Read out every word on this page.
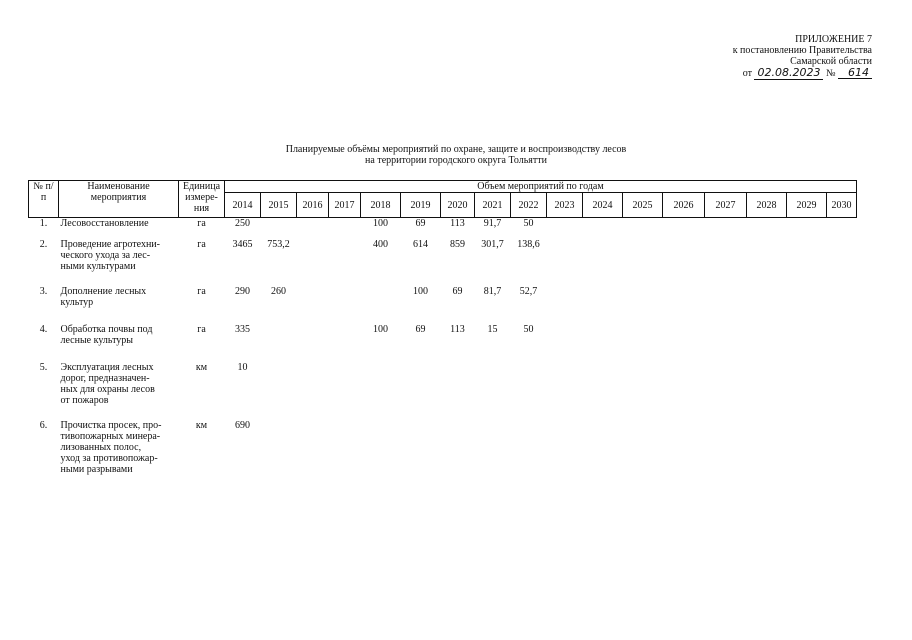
ПРИЛОЖЕНИЕ 7
к постановлению Правительства
Самарской области
от 02.08.2023 № 614
Планируемые объёмы мероприятий по охране, защите и воспроизводству лесов
на территории городского округа Тольятти
№ п/п	Наименование мероприятия	Единица измере-ния	Объем мероприятий по годам																
			2014	2015	2016	2017	2018	2019	2020	2021	2022	2023	2024	2025	2026	2027	2028	2029	2030
1.	Лесовосстановление	га	250				100	69	113	91,7	50								

2.	Проведение агротехни-
ческого ухода за лес-
ными культурами	га	3465	753,2			400	614	859	301,7	138,6								

3.	Дополнение лесных
культур	га	290	260				100	69	81,7	52,7								

4.	Обработка почвы под
лесные культуры	га	335				100	69	113	15	50								

5.	Эксплуатация лесных
дорог, предназначен-
ных для охраны лесов
от пожаров	км	10																

6.	Прочистка просек, про-
тивопожарных минера-
лизованных полос,
уход за противопожар-
ными разрывами	км	690																
